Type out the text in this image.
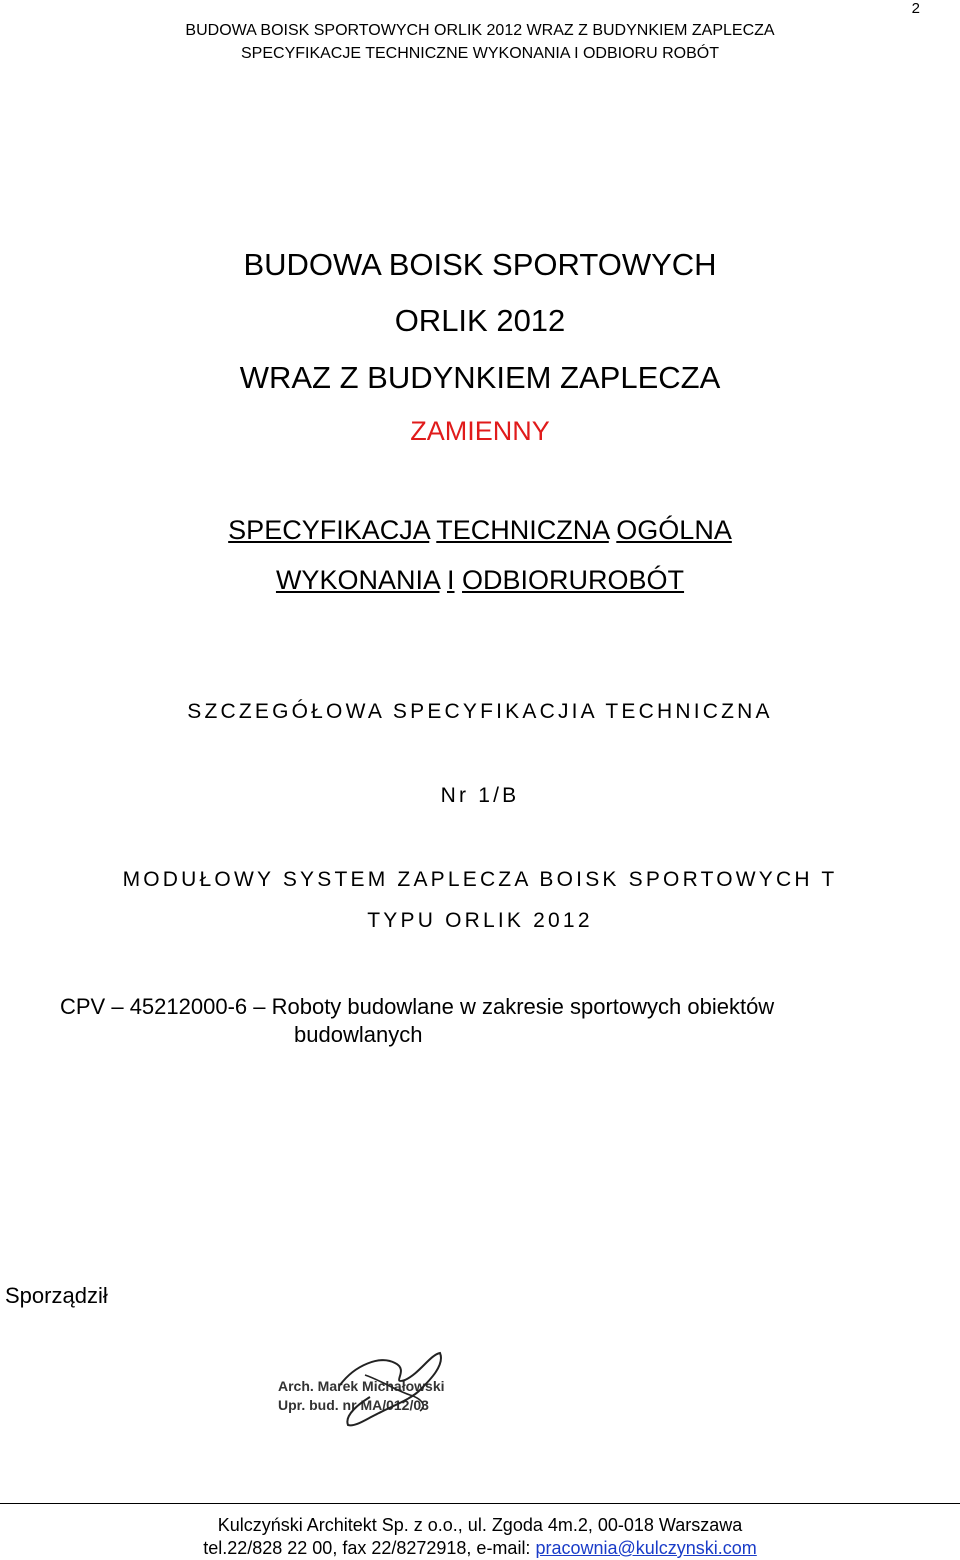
2
BUDOWA BOISK SPORTOWYCH ORLIK 2012 WRAZ Z BUDYNKIEM ZAPLECZA
SPECYFIKACJE TECHNICZNE WYKONANIA I ODBIORU ROBÓT
BUDOWA BOISK SPORTOWYCH
ORLIK 2012
WRAZ Z BUDYNKIEM ZAPLECZA
ZAMIENNY
SPECYFIKACJA TECHNICZNA OGÓLNA
WYKONANIA I ODBIORUROBÓT
SZCZEGÓŁOWA SPECYFIKACJIA TECHNICZNA
Nr 1/B
MODUŁOWY SYSTEM ZAPLECZA BOISK SPORTOWYCH T
TYPU ORLIK 2012
CPV – 45212000-6 – Roboty budowlane w zakresie sportowych obiektów
budowlanych
Sporządził
Arch. Marek Michałowski
Upr. bud. nr MA/012/03
Kulczyński Architekt Sp. z o.o., ul. Zgoda 4m.2, 00-018 Warszawa
tel.22/828 22 00, fax 22/8272918, e-mail: pracownia@kulczynski.com
